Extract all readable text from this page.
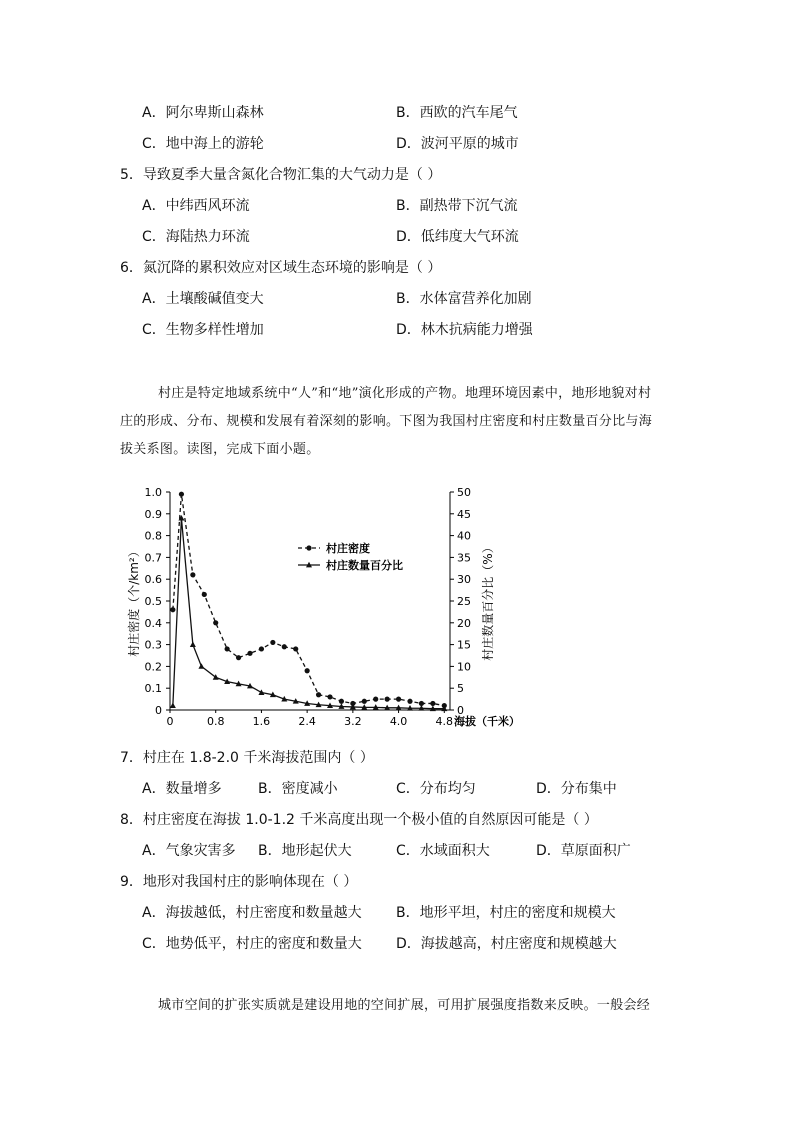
A．阿尔卑斯山森林	B．西欧的汽车尾气
C．地中海上的游轮	D．波河平原的城市
5．导致夏季大量含氮化合物汇集的大气动力是（ ）
A．中纬西风环流	B．副热带下沉气流
C．海陆热力环流	D．低纬度大气环流
6．氮沉降的累积效应对区域生态环境的影响是（ ）
A．土壤酸碱值变大	B．水体富营养化加剧
C．生物多样性增加	D．林木抗病能力增强
村庄是特定地域系统中“人”和“地”演化形成的产物。地理环境因素中，地形地貌对村
庄的形成、分布、规模和发展有着深刻的影响。下图为我国村庄密度和村庄数量百分比与海
拔关系图。读图，完成下面小题。
0
0.1
0.2
0.3
0.4
0.5
0.6
0.7
0.8
0.9
1.0
0
5
10
15
20
25
30
35
40
45
50
0	0.8	1.6	2.4	3.2	4.0	4.8 海拔（千米）
村庄密度（个/km²）	村庄数量百分比（%）
村庄密度
村庄数量百分比
7．村庄在 1.8-2.0 千米海拔范围内（ ）
A．数量增多	B．密度减小	C．分布均匀	D．分布集中
8．村庄密度在海拔 1.0-1.2 千米高度出现一个极小值的自然原因可能是（ ）
A．气象灾害多 B．地形起伏大	C．水域面积大	D．草原面积广
9．地形对我国村庄的影响体现在（ ）
A．海拔越低，村庄密度和数量越大 B．地形平坦，村庄的密度和规模大
C．地势低平，村庄的密度和数量大 D．海拔越高，村庄密度和规模越大
城市空间的扩张实质就是建设用地的空间扩展，可用扩展强度指数来反映。一般会经
